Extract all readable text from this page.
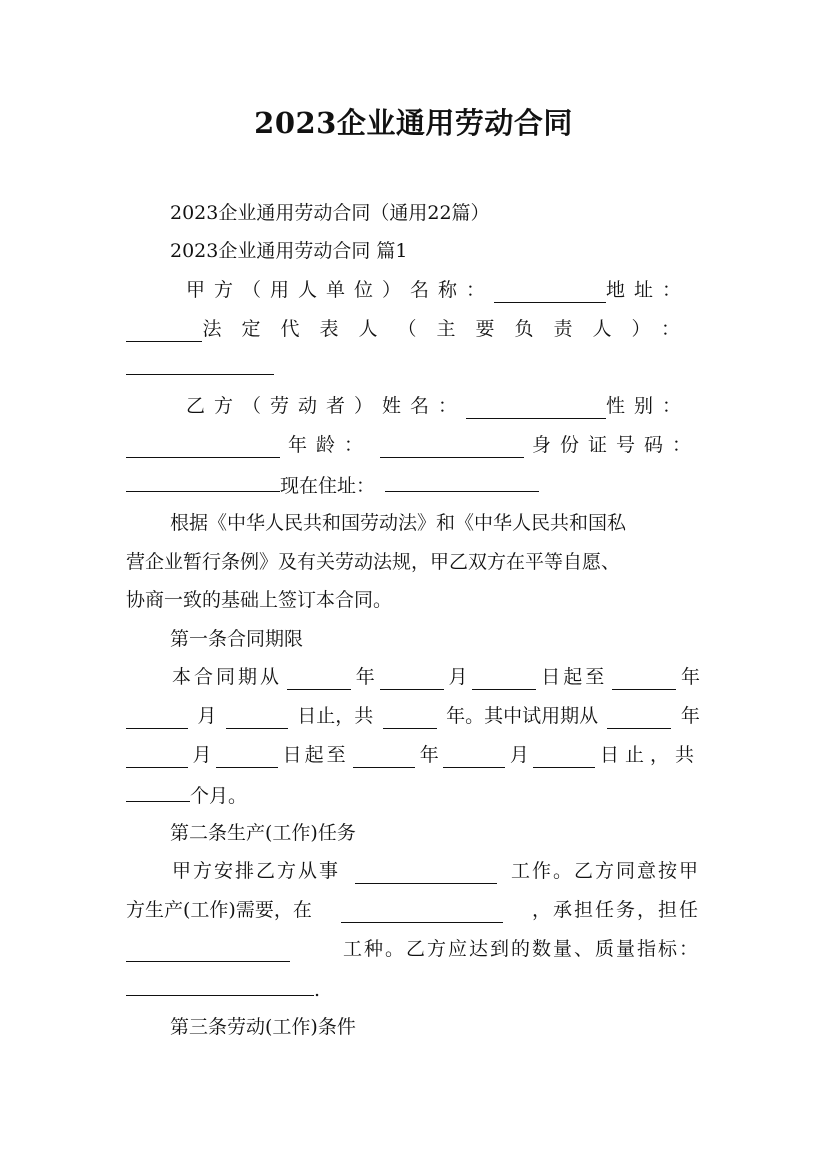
2023企业通用劳动合同
2023企业通用劳动合同（通用22篇）
2023企业通用劳动合同 篇1
甲方（用人单位）名称：	地址：
法定代表人（主要负责人）：
乙方（劳动者）姓名：	性别：
年龄：	身份证号码：
现在住址：
根据《中华人民共和国劳动法》和《中华人民共和国私
营企业暂行条例》及有关劳动法规，甲乙双方在平等自愿、
协商一致的基础上签订本合同。
第一条合同期限
本合同期从	年	月	日起至	年
月	日止，共	年。其中试用期从	年
月	日起至	年	月	日止，共
个月。
第二条生产(工作)任务
甲方安排乙方从事	工作。乙方同意按甲
方生产(工作)需要，在	，承担任务，担任
工种。乙方应达到的数量、质量指标：
.
第三条劳动(工作)条件
